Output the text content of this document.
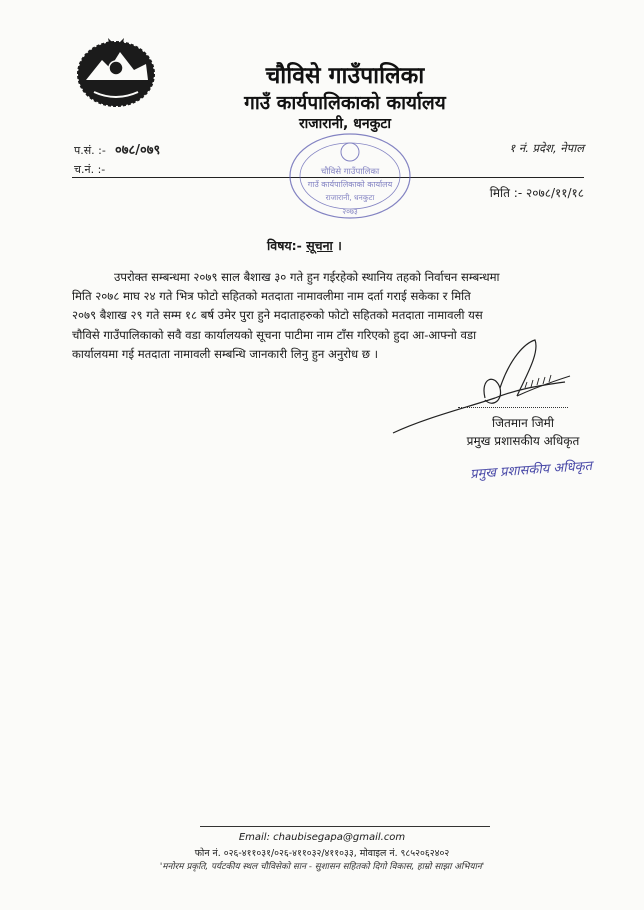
चौविसे गाउँपालिका
गाउँ कार्यपालिकाको कार्यालय
राजारानी, धनकुटा
प.सं. :- ०७८/०७९
च.नं. :-
१ नं. प्रदेश, नेपाल
मिति :- २०७८/११/१८
चौविसे गाउँपालिका
गाउँ कार्यपालिकाको कार्यालय
राजारानी, धनकुटा
२०७३
विषय:- सूचना ।
उपरोक्त सम्बन्धमा २०७९ साल बैशाख ३० गते हुन गईरहेको स्थानिय तहको निर्वाचन सम्बन्धमा
मिति २०७८ माघ २४ गते भित्र फोटो सहितको मतदाता नामावलीमा नाम दर्ता गराई सकेका र मिति
२०७९ बैशाख २९ गते सम्म १८ बर्ष उमेर पुरा हुने मदाताहरुको फोटो सहितको मतदाता नामावली यस
चौविसे गाउँपालिकाको सवै वडा कार्यालयको सूचना पाटीमा नाम टाँस गरिएको हुदा आ-आफ्नो वडा
कार्यालयमा गई मतदाता नामावली सम्बन्धि जानकारी लिनु हुन अनुरोध छ ।
जितमान जिमी
प्रमुख प्रशासकीय अधिकृत
प्रमुख प्रशासकीय अधिकृत
Email: chaubisegapa@gmail.com
फोन नं. ०२६-४११०३१/०२६-४११०३२/४११०३३, मोवाइल नं. ९८५२०६२४०२
'मनोरम प्रकृति, पर्यटकीय स्थल चौविसेको सान - सुशासन सहितको दिगो विकास, हाम्रो साझा अभियान'
